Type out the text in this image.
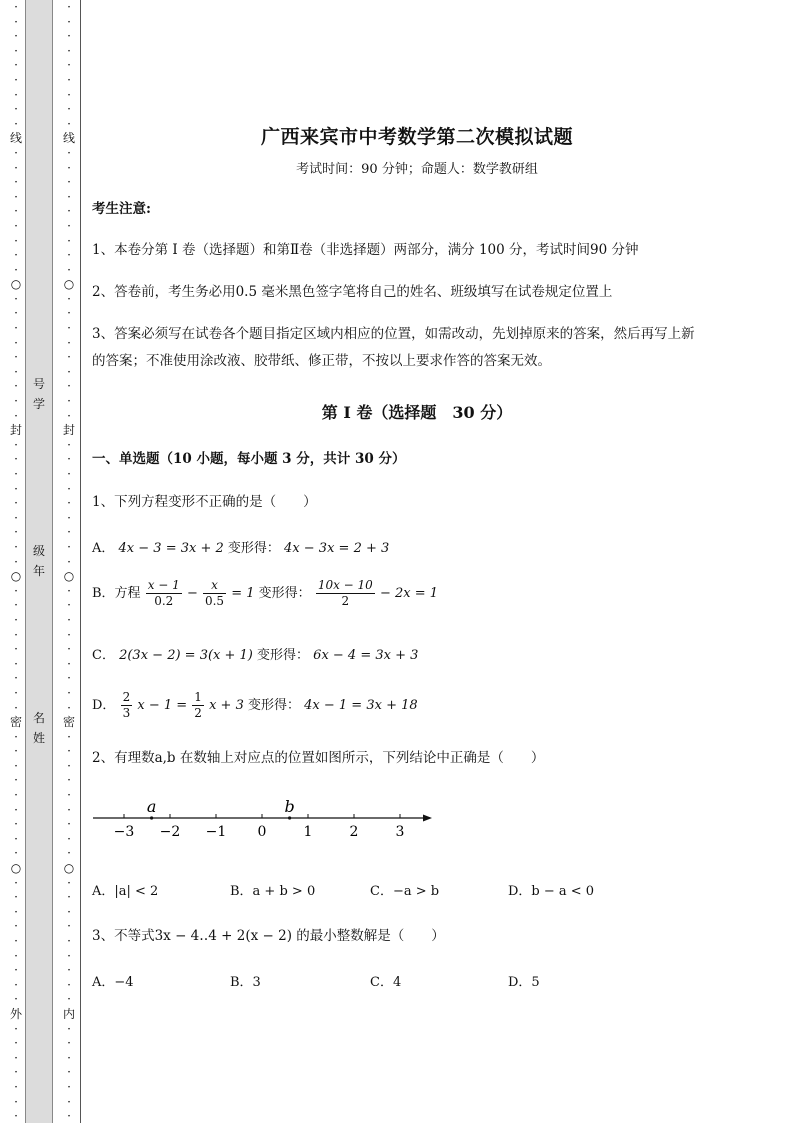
·
·
·
·
·
·
·
·
·
线
·
·
·
·
·
·
·
·
·
○
·
·
·
·
·
·
·
·
·
封
·
·
·
·
·
·
·
·
·
○
·
·
·
·
·
·
·
·
·
密
·
·
·
·
·
·
·
·
·
○
·
·
·
·
·
·
·
·
·
外
·
·
·
·
·
·
·
·
·
·
·
·
·
·
·
·
线
·
·
·
·
·
·
·
·
·
○
·
·
·
·
·
·
·
·
·
封
·
·
·
·
·
·
·
·
·
○
·
·
·
·
·
·
·
·
·
密
·
·
·
·
·
·
·
·
·
○
·
·
·
·
·
·
·
·
·
内
·
·
·
·
·
·
·
号
学
级
年
名
姓
广西来宾市中考数学第二次模拟试题
考试时间：90 分钟；命题人：数学教研组
考生注意:
1、本卷分第 I 卷（选择题）和第Ⅱ卷（非选择题）两部分，满分 100 分，考试时间90 分钟
2、答卷前，考生务必用0.5 毫米黑色签字笔将自己的姓名、班级填写在试卷规定位置上
3、答案必须写在试卷各个题目指定区域内相应的位置，如需改动，先划掉原来的答案，然后再写上新
的答案；不准使用涂改液、胶带纸、修正带，不按以上要求作答的答案无效。
第 I 卷（选择题　30 分）
一、单选题（10 小题，每小题 3 分，共计 30 分）
1、下列方程变形不正确的是（　　）
A． 4x − 3 = 3x + 2 变形得： 4x − 3x = 2 + 3
B．方程 $\frac{x - 1}{0.2} - \frac{x}{0.5} = 1$ 变形得： $\frac{10x - 10}{2} - 2x = 1$
C． 2(3x − 2) = 3(x + 1) 变形得： 6x − 4 = 3x + 3
D． $\frac{2}{3}$ $x - 1 = \frac{1}{2}$ x + 3 变形得： 4x − 1 = 3x + 18
2、有理数a,b 在数轴上对应点的位置如图所示，下列结论中正确是（　　）
−3 −2 −1 0	1	2	3
a	b
A．|a| < 2	B．a + b > 0	C．−a > b	D．b − a < 0
3、不等式3x − 4‥4 + 2(x − 2) 的最小整数解是（　　）
A．−4	B．3	C．4	D．5
